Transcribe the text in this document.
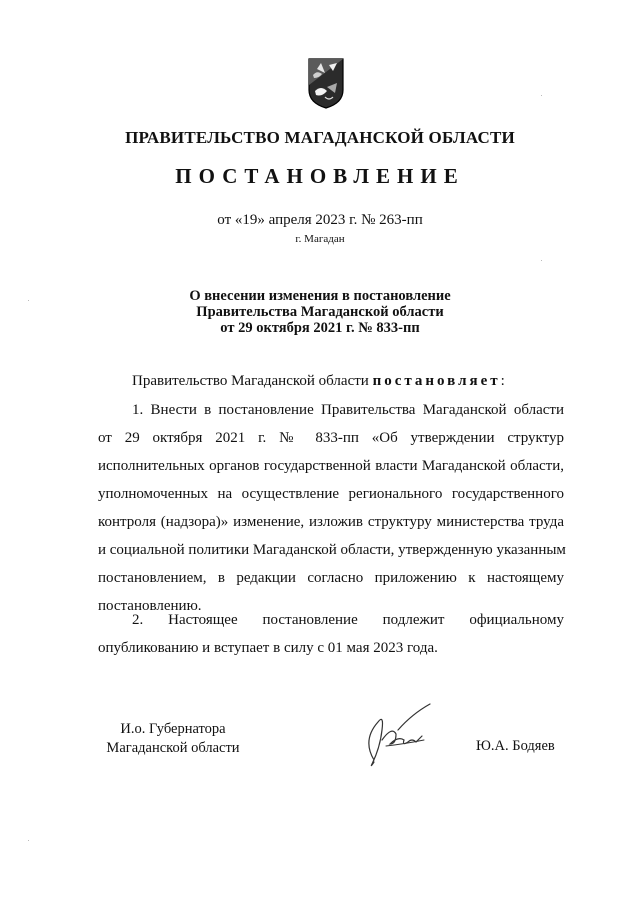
ПРАВИТЕЛЬСТВО МАГАДАНСКОЙ ОБЛАСТИ
ПОСТАНОВЛЕНИЕ
от «19» апреля 2023 г. № 263-пп
г. Магадан
О внесении изменения в постановление
Правительства Магаданской области
от 29 октября 2021 г. № 833-пп
Правительство Магаданской области постановляет:
1. Внести в постановление Правительства Магаданской области
от 29 октября 2021 г. № 833-пп «Об утверждении структур
исполнительных органов государственной власти Магаданской области,
уполномоченных на осуществление регионального государственного
контроля (надзора)» изменение, изложив структуру министерства труда
и социальной политики Магаданской области, утвержденную указанным
постановлением, в редакции согласно приложению к настоящему
постановлению.
2. Настоящее постановление подлежит официальному
опубликованию и вступает в силу с 01 мая 2023 года.
И.о. Губернатора
Магаданской области	Ю.А. Бодяев
